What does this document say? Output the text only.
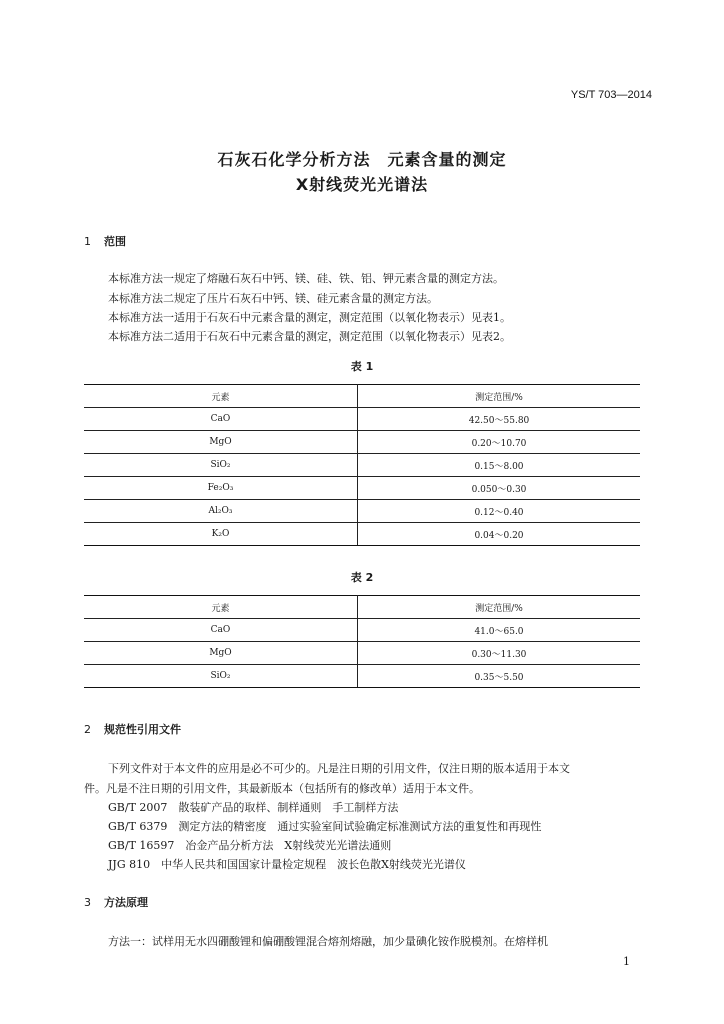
YS/T 703—2014
石灰石化学分析方法　元素含量的测定
X射线荧光光谱法
1 范围
本标准方法一规定了熔融石灰石中钙、镁、硅、铁、铝、钾元素含量的测定方法。
本标准方法二规定了压片石灰石中钙、镁、硅元素含量的测定方法。
本标准方法一适用于石灰石中元素含量的测定，测定范围（以氧化物表示）见表1。
本标准方法二适用于石灰石中元素含量的测定，测定范围（以氧化物表示）见表2。
表 1
元素	测定范围/%
CaO	42.50～55.80
MgO	0.20～10.70
SiO₂	0.15～8.00
Fe₂O₃	0.050～0.30
Al₂O₃	0.12～0.40
K₂O	0.04～0.20
表 2
元素	测定范围/%
CaO	41.0～65.0
MgO	0.30～11.30
SiO₂	0.35～5.50
2 规范性引用文件
下列文件对于本文件的应用是必不可少的。凡是注日期的引用文件，仅注日期的版本适用于本文
件。凡是不注日期的引用文件，其最新版本（包括所有的修改单）适用于本文件。
GB/T 2007　散装矿产品的取样、制样通则　手工制样方法
GB/T 6379　测定方法的精密度　通过实验室间试验确定标准测试方法的重复性和再现性
GB/T 16597　冶金产品分析方法　X射线荧光光谱法通则
JJG 810　中华人民共和国国家计量检定规程　波长色散X射线荧光光谱仪
3 方法原理
方法一：试样用无水四硼酸锂和偏硼酸锂混合熔剂熔融，加少量碘化铵作脱模剂。在熔样机
1
